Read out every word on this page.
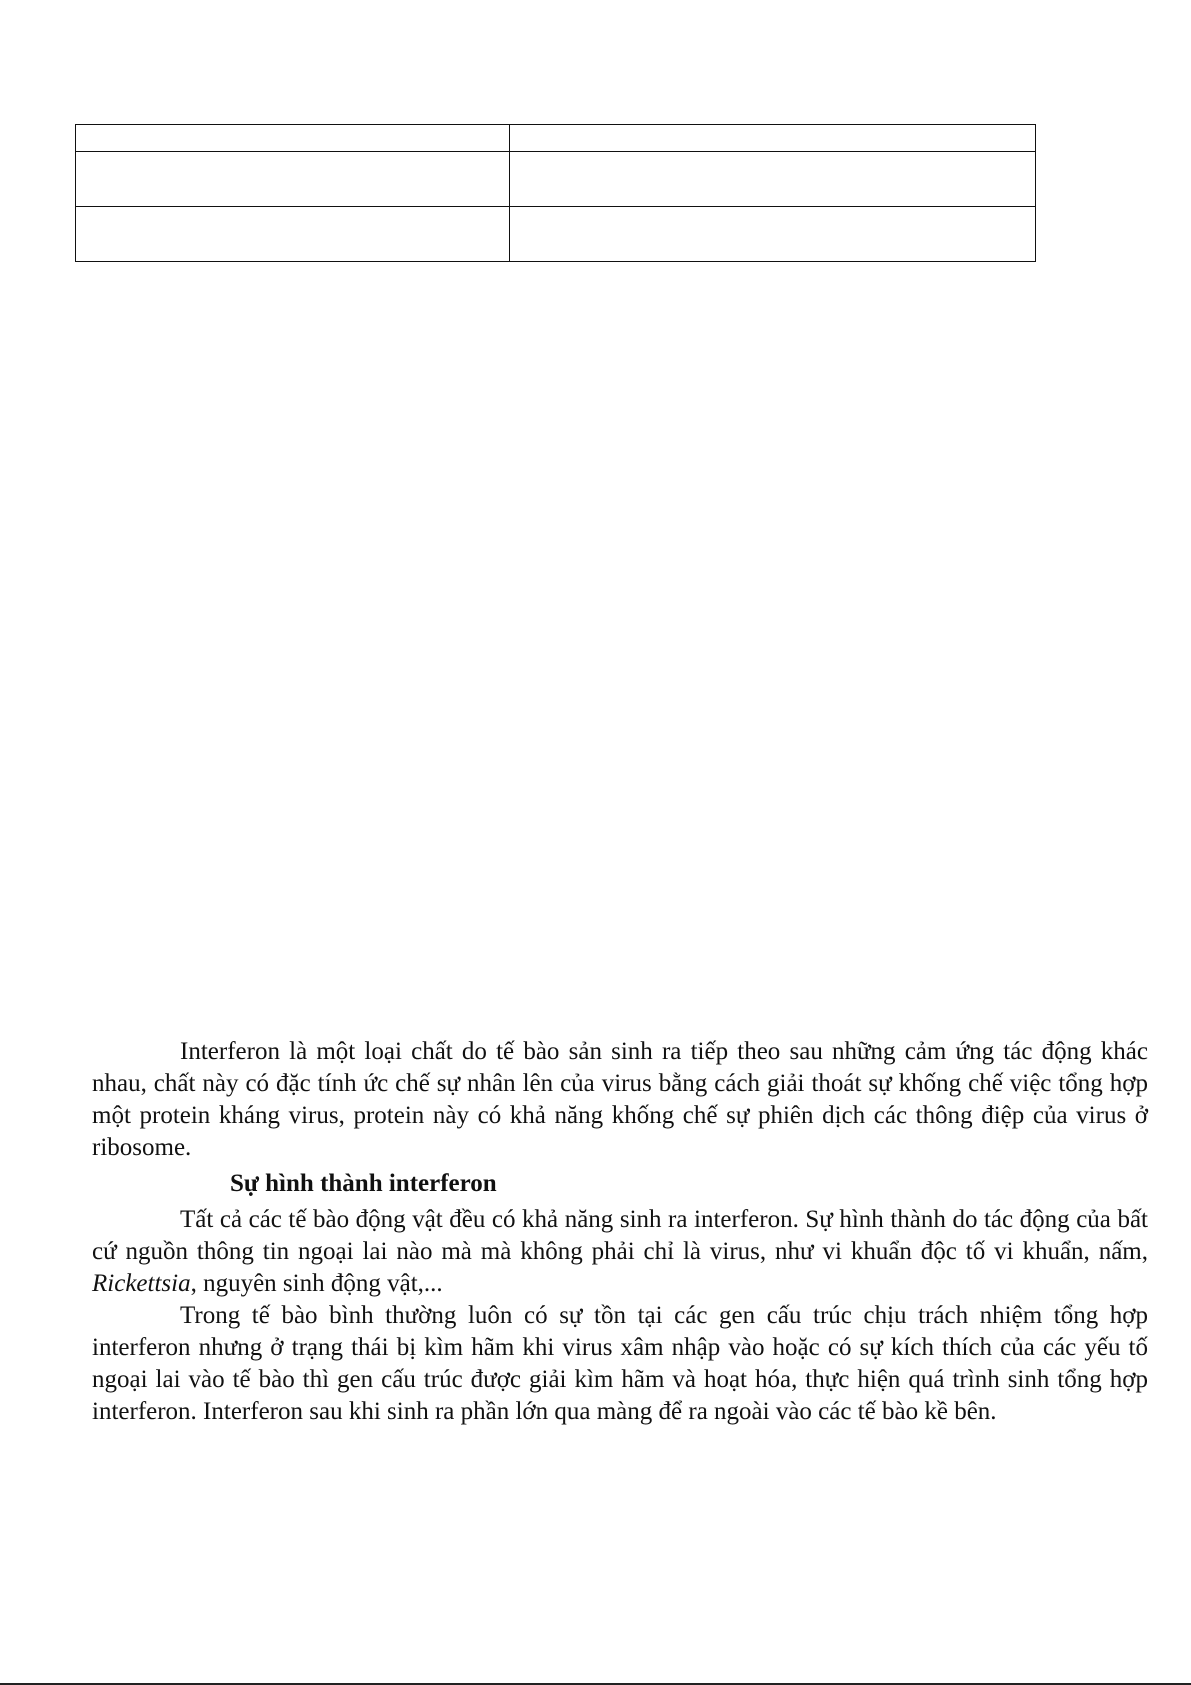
Interferon là một loại chất do tế bào sản sinh ra tiếp theo sau những cảm ứng tác động khác nhau, chất này có đặc tính ức chế sự nhân lên của virus bằng cách giải thoát sự khống chế việc tổng hợp một protein kháng virus, protein này có khả năng khống chế sự phiên dịch các thông điệp của virus ở ribosome.

Sự hình thành interferon

Tất cả các tế bào động vật đều có khả năng sinh ra interferon. Sự hình thành do tác động của bất cứ nguồn thông tin ngoại lai nào mà mà không phải chỉ là virus, như vi khuẩn độc tố vi khuẩn, nấm, Rickettsia, nguyên sinh động vật,...

Trong tế bào bình thường luôn có sự tồn tại các gen cấu trúc chịu trách nhiệm tổng hợp interferon nhưng ở trạng thái bị kìm hãm khi virus xâm nhập vào hoặc có sự kích thích của các yếu tố ngoại lai vào tế bào thì gen cấu trúc được giải kìm hãm và hoạt hóa, thực hiện quá trình sinh tổng hợp interferon. Interferon sau khi sinh ra phần lớn qua màng để ra ngoài vào các tế bào kề bên.
